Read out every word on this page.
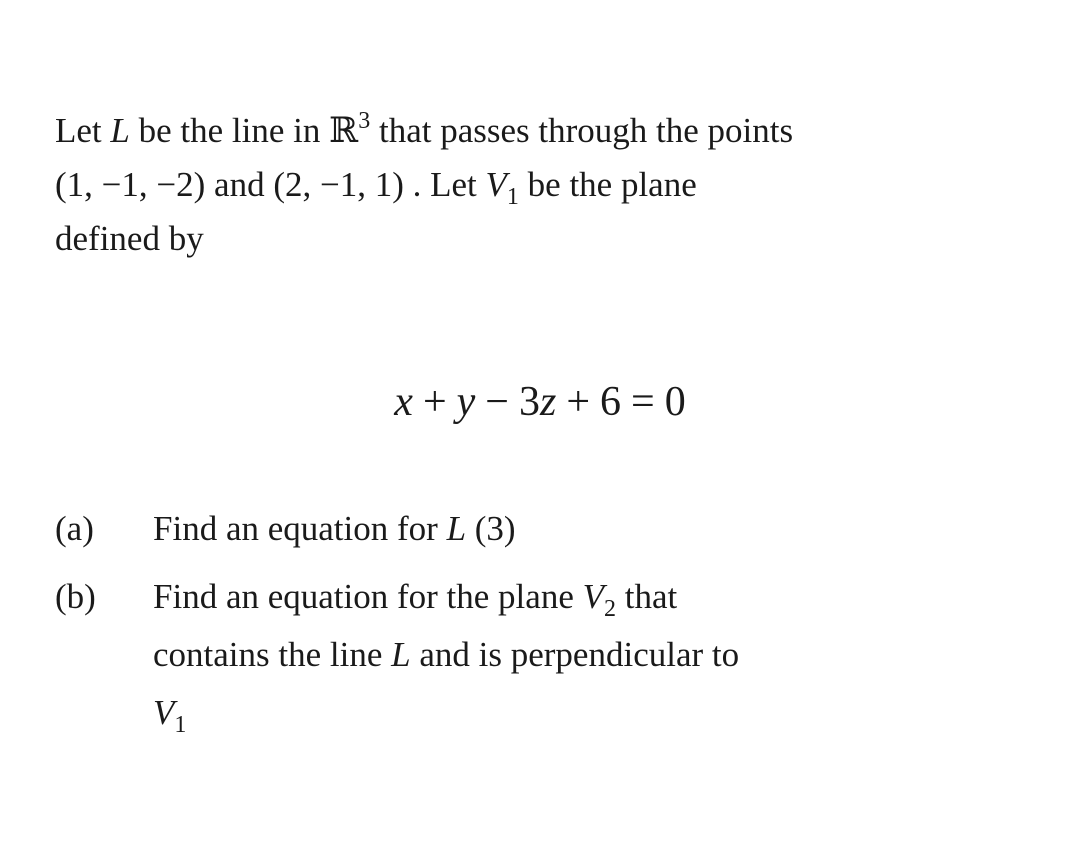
Let L be the line in ℝ$^3$ that passes through the points
(1, −1, −2) and (2, −1, 1) . Let $V_1$ be the plane
defined by
x + y − 3z + 6 = 0
(a)	Find an equation for L (3)
(b)	Find an equation for the plane $V_2$ that
contains the line L and is perpendicular to
$V_1$
